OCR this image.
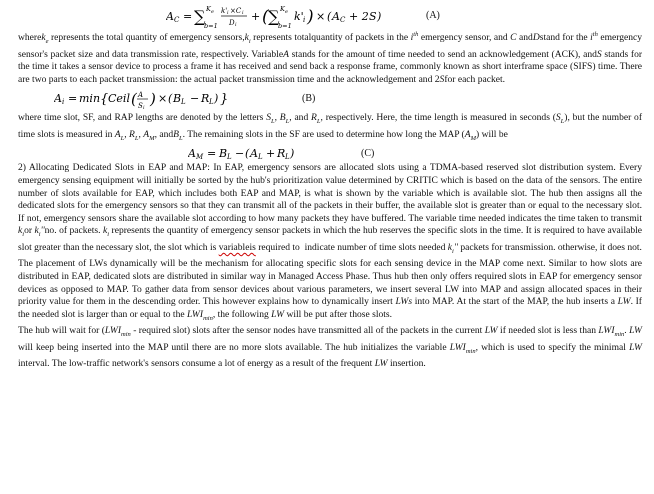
A C = ∑ K e
b=1
k' i ×C i
D i
+ ( ∑ K e
b=1
k' i ) × ( A C + 2 S )	(A)

wherek$_e$ represents the total quantity of emergency $sensors,k_i$ represents totalquantity of packets in the $i^{th}$ emergency sensor, and C andDstand for the $i^{th}$ emergency sensor's packet size and data transmission rate, respectively. VariableA stands for the amount of time needed to send an acknowledgement (ACK), andS stands for the time it takes a sensor device to process a frame it has received and send back a response frame, commonly known as short interframe space (SIFS) time. There are two parts to each packet transmission: the actual packet transmission time and the acknowledgement and 2Sfor each packet.

A i = min { Ceil ( A
S i ) × ( B L − R L ) }	(B)

where time slot, SF, and RAP lengths are denoted by the letters $S_L$, $B_L$, and $R_L$, respectively. Here, the time length is measured in seconds $(S_L)$, but the number of time slots is measured in $A_L$, $R_L$, $A_M$, andB$_L$. The remaining slots in the SF are used to determine how long the MAP $(A_M)$ will be

A M = B L − ( A L + R L )	(C)

2) Allocating Dedicated Slots in EAP and MAP: In EAP, emergency sensors are allocated slots using a TDMA-based reserved slot distribution system. Every emergency sensing equipment will initially be sorted by the hub's prioritization value determined by CRITIC which is based on the data of the sensors. The entire number of slots available for EAP, which includes both EAP and MAP, is what is shown by the variable which is available slot. The hub then assigns all the dedicated slots for the emergency sensors so that they can transmit all of the packets in their buffer, the available slot is greater than or equal to the necessary slot. If not, emergency sensors share the available slot according to how many packets they have buffered. The variable time needed indicates the time taken to transmit $k_ior$ $k_i''no$. of packets. $k_i$ represents the quantity of emergency sensor packets in which the hub reserves the specific slots in the time. It is required to have available slot greater than the necessary slot, the slot which is variableis required to  indicate number of time slots needed $k_i''$ packets for transmission. otherwise, it does not.

The placement of LWs dynamically will be the mechanism for allocating specific slots for each sensing device in the MAP come next. Similar to how slots are distributed in EAP, dedicated slots are distributed in similar way in Managed Access Phase. Thus hub then only offers required slots in EAP for emergency sensor devices as opposed to MAP. To gather data from sensor devices about various parameters, we insert several LW into MAP and assign allocated spaces in their priority value for them in the descending order. This however explains how to dynamically insert LWs into MAP. At the start of the MAP, the hub inserts a LW. If the needed slot is larger than or equal to the $LWI_{min}$, the following LW will be put after those slots.

The hub will wait for ($LWI_{min}$ - required slot) slots after the sensor nodes have transmitted all of the packets in the current LW if needed slot is less than $LWI_{min}$. LW will keep being inserted into the MAP until there are no more slots available. The hub initializes the variable $LWI_{min}$, which is used to specify the minimal LW interval. The low-traffic network's sensors consume a lot of energy as a result of the frequent LW insertion.
